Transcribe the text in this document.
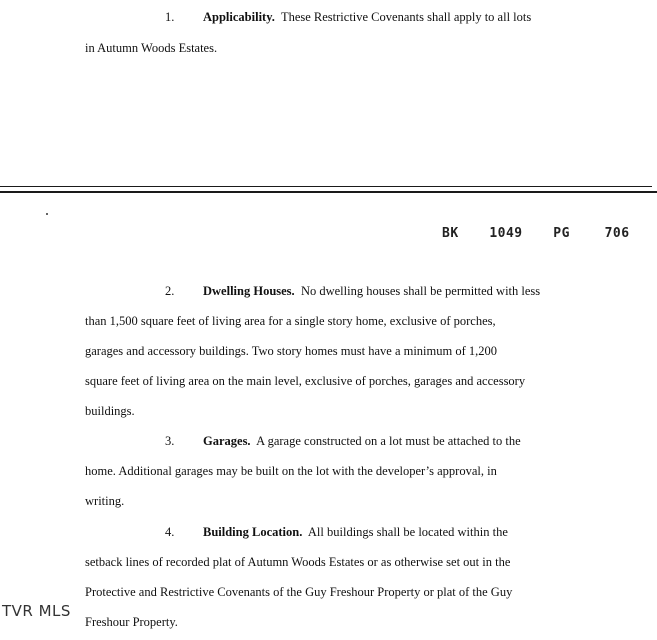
1. Applicability. These Restrictive Covenants shall apply to all lots
in Autumn Woods Estates.
BK 1049 PG	706
2. Dwelling Houses. No dwelling houses shall be permitted with less
than 1,500 square feet of living area for a single story home, exclusive of porches,
garages and accessory buildings. Two story homes must have a minimum of 1,200
square feet of living area on the main level, exclusive of porches, garages and accessory
buildings.
3. Garages. A garage constructed on a lot must be attached to the
home. Additional garages may be built on the lot with the developer’s approval, in
writing.
4. Building Location. All buildings shall be located within the
setback lines of recorded plat of Autumn Woods Estates or as otherwise set out in the
Protective and Restrictive Covenants of the Guy Freshour Property or plat of the Guy
Freshour Property.
TVR MLS
